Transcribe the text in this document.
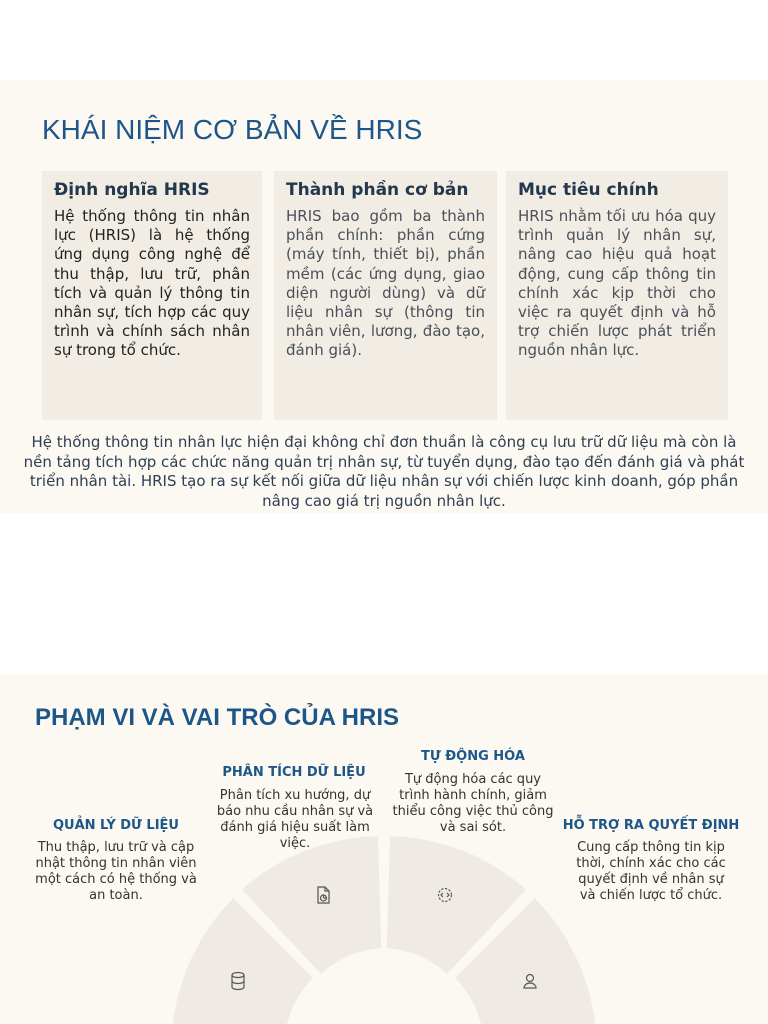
KHÁI NIỆM CƠ BẢN VỀ HRIS
Định nghĩa HRIS
Hệ thống thông tin nhân lực (HRIS) là hệ thống ứng dụng công nghệ để thu thập, lưu trữ, phân tích và quản lý thông tin nhân sự, tích hợp các quy trình và chính sách nhân sự trong tổ chức.
Thành phần cơ bản
HRIS bao gồm ba thành phần chính: phần cứng (máy tính, thiết bị), phần mềm (các ứng dụng, giao diện người dùng) và dữ liệu nhân sự (thông tin nhân viên, lương, đào tạo, đánh giá).
Mục tiêu chính
HRIS nhằm tối ưu hóa quy trình quản lý nhân sự, nâng cao hiệu quả hoạt động, cung cấp thông tin chính xác kịp thời cho việc ra quyết định và hỗ trợ chiến lược phát triển nguồn nhân lực.

Hệ thống thông tin nhân lực hiện đại không chỉ đơn thuần là công cụ lưu trữ dữ liệu mà còn là nền tảng tích hợp các chức năng quản trị nhân sự, từ tuyển dụng, đào tạo đến đánh giá và phát triển nhân tài. HRIS tạo ra sự kết nối giữa dữ liệu nhân sự với chiến lược kinh doanh, góp phần nâng cao giá trị nguồn nhân lực.

PHẠM VI VÀ VAI TRÒ CỦA HRIS
QUẢN LÝ DỮ LIỆU
Thu thập, lưu trữ và cập nhật thông tin nhân viên một cách có hệ thống và an toàn.
PHÂN TÍCH DỮ LIỆU
Phân tích xu hướng, dự báo nhu cầu nhân sự và đánh giá hiệu suất làm việc.
TỰ ĐỘNG HÓA
Tự động hóa các quy trình hành chính, giảm thiểu công việc thủ công và sai sót.	HỖ TRỢ RA QUYẾT ĐỊNH
Cung cấp thông tin kịp thời, chính xác cho các quyết định về nhân sự và chiến lược tổ chức.
